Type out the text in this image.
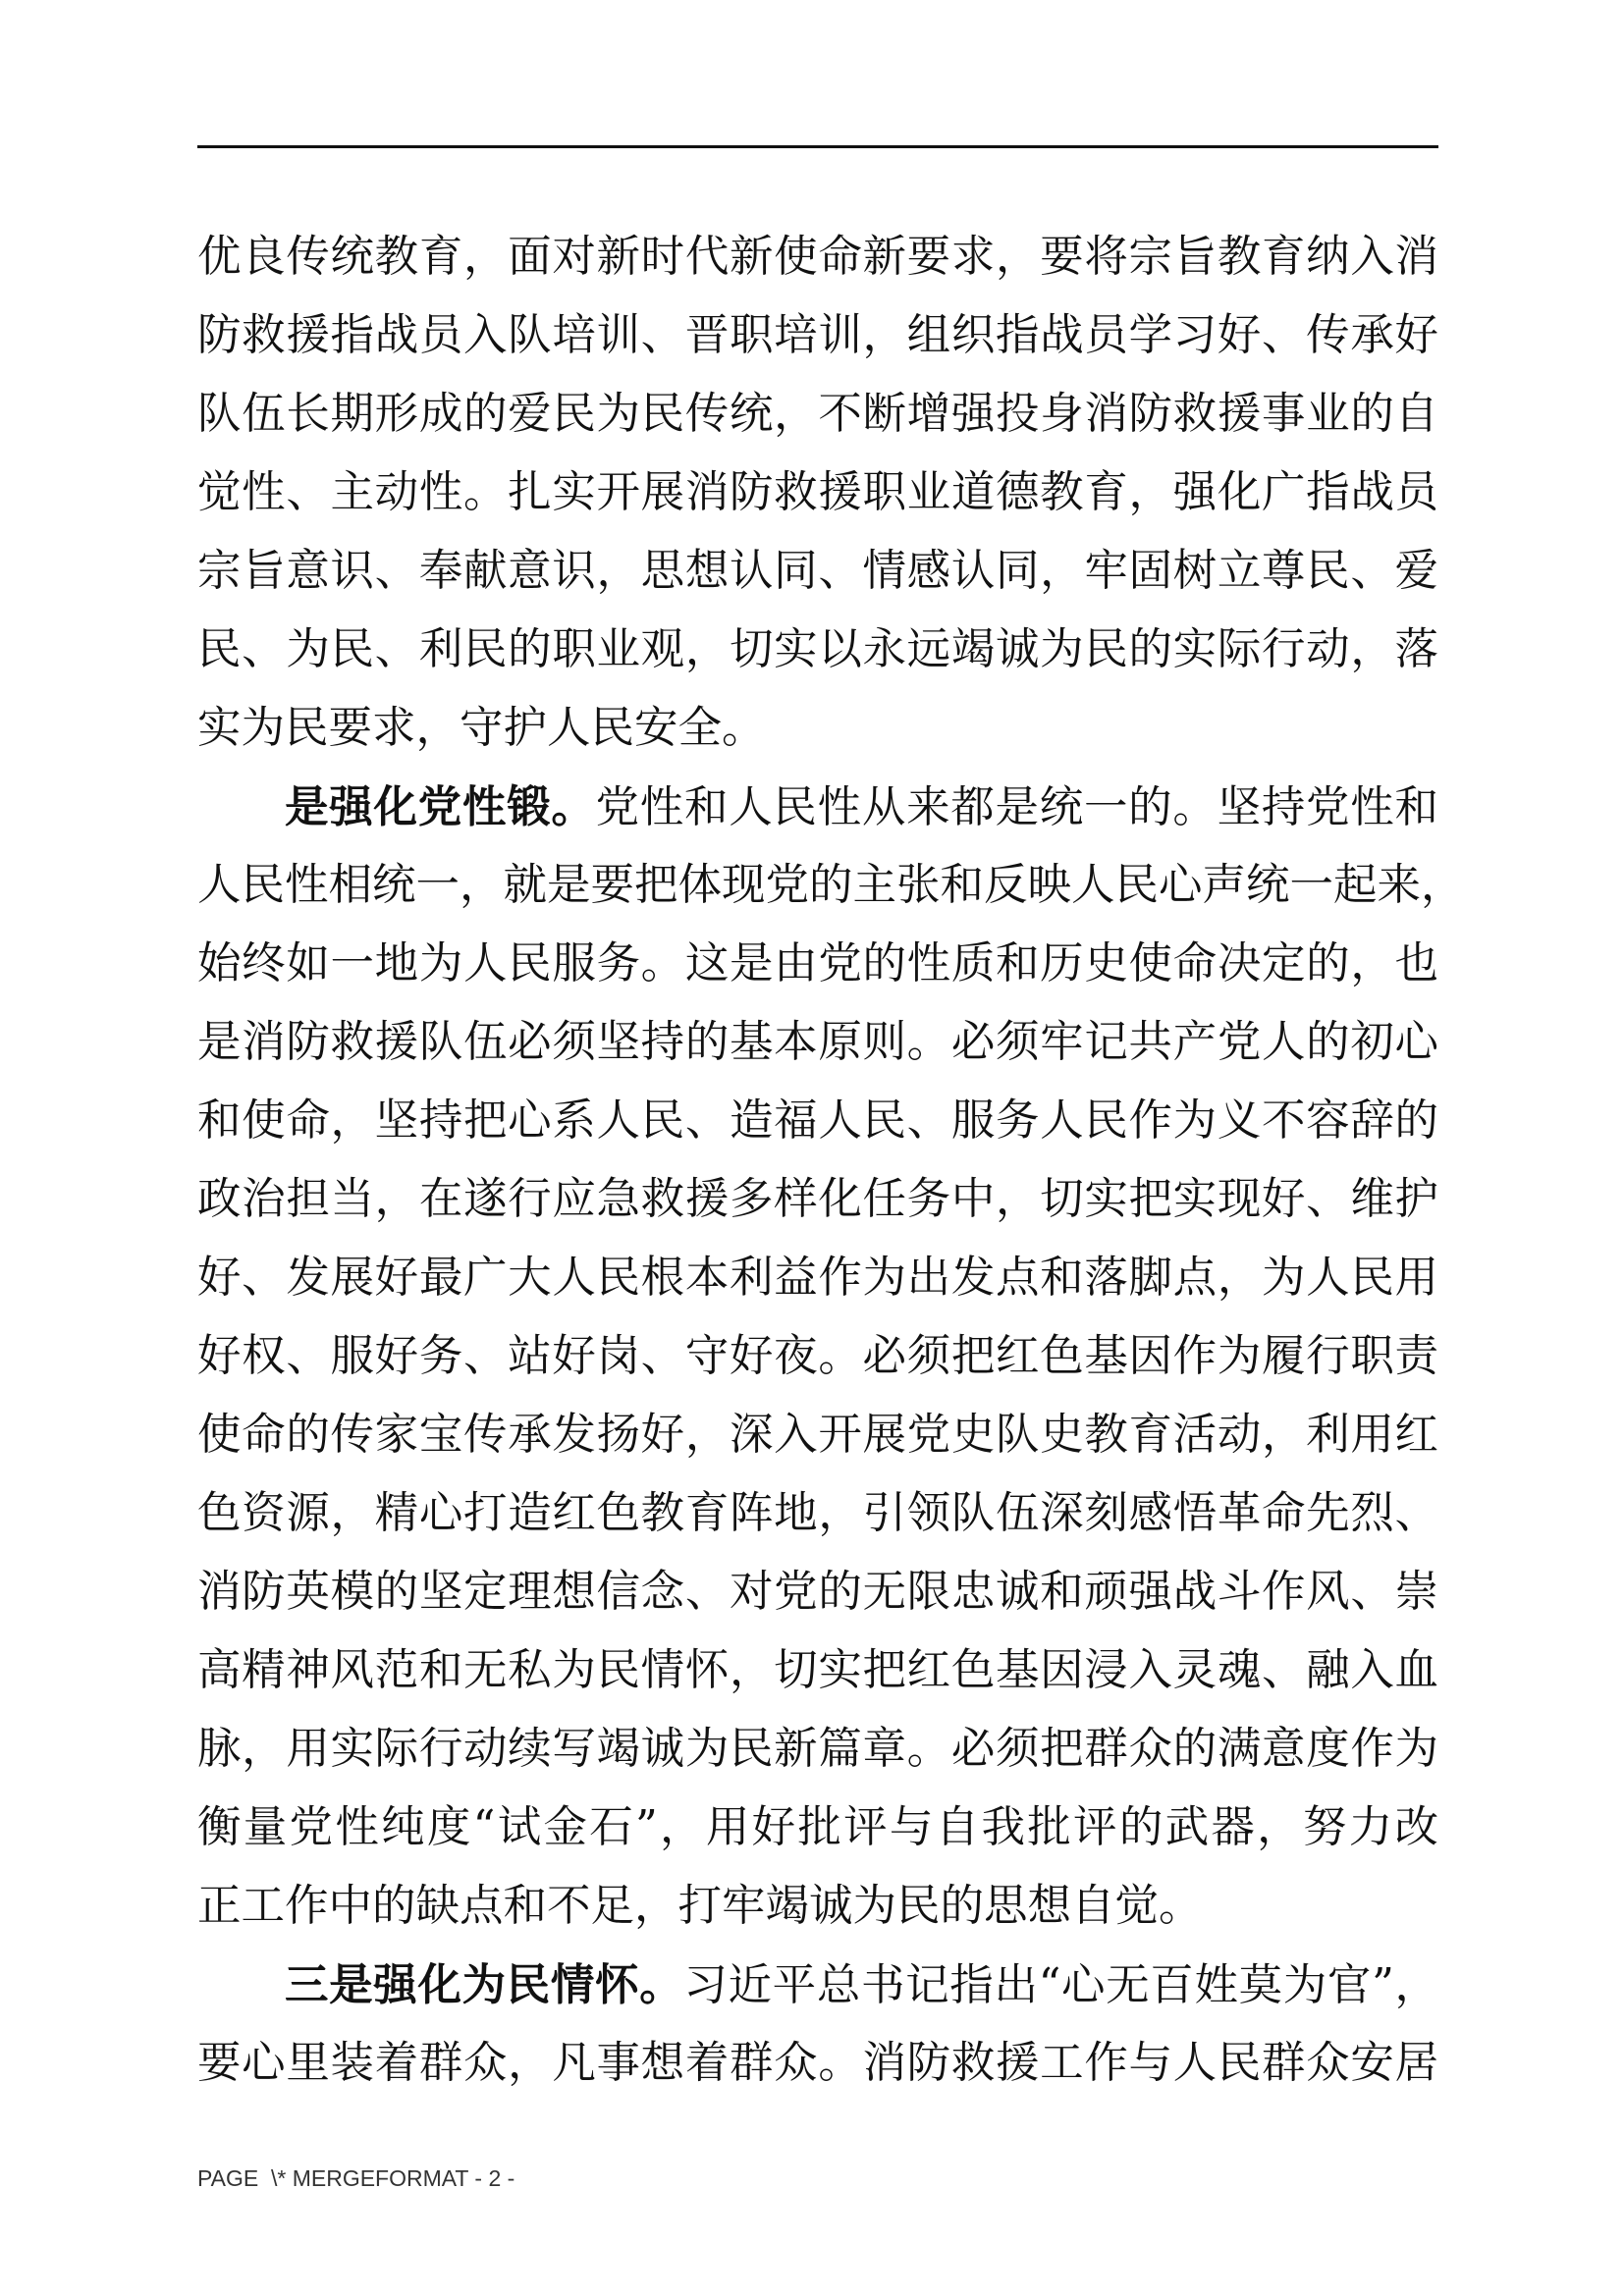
优良传统教育，面对新时代新使命新要求，要将宗旨教育纳入消
防救援指战员入队培训、晋职培训，组织指战员学习好、传承好
队伍长期形成的爱民为民传统，不断增强投身消防救援事业的自
觉性、主动性。扎实开展消防救援职业道德教育，强化广指战员
宗旨意识、奉献意识，思想认同、情感认同，牢固树立尊民、爱
民、为民、利民的职业观，切实以永远竭诚为民的实际行动，落
实为民要求，守护人民安全。
是强化党性锻。党性和人民性从来都是统一的。坚持党性和
人民性相统一，就是要把体现党的主张和反映人民心声统一起来，
始终如一地为人民服务。这是由党的性质和历史使命决定的，也
是消防救援队伍必须坚持的基本原则。必须牢记共产党人的初心
和使命，坚持把心系人民、造福人民、服务人民作为义不容辞的
政治担当，在遂行应急救援多样化任务中，切实把实现好、维护
好、发展好最广大人民根本利益作为出发点和落脚点，为人民用
好权、服好务、站好岗、守好夜。必须把红色基因作为履行职责
使命的传家宝传承发扬好，深入开展党史队史教育活动，利用红
色资源，精心打造红色教育阵地，引领队伍深刻感悟革命先烈、
消防英模的坚定理想信念、对党的无限忠诚和顽强战斗作风、崇
高精神风范和无私为民情怀，切实把红色基因浸入灵魂、融入血
脉，用实际行动续写竭诚为民新篇章。必须把群众的满意度作为
衡量党性纯度“试金石”，用好批评与自我批评的武器，努力改
正工作中的缺点和不足，打牢竭诚为民的思想自觉。
三是强化为民情怀。习近平总书记指出“心无百姓莫为官”，
要心里装着群众，凡事想着群众。消防救援工作与人民群众安居
PAGE  \* MERGEFORMAT - 2 -
